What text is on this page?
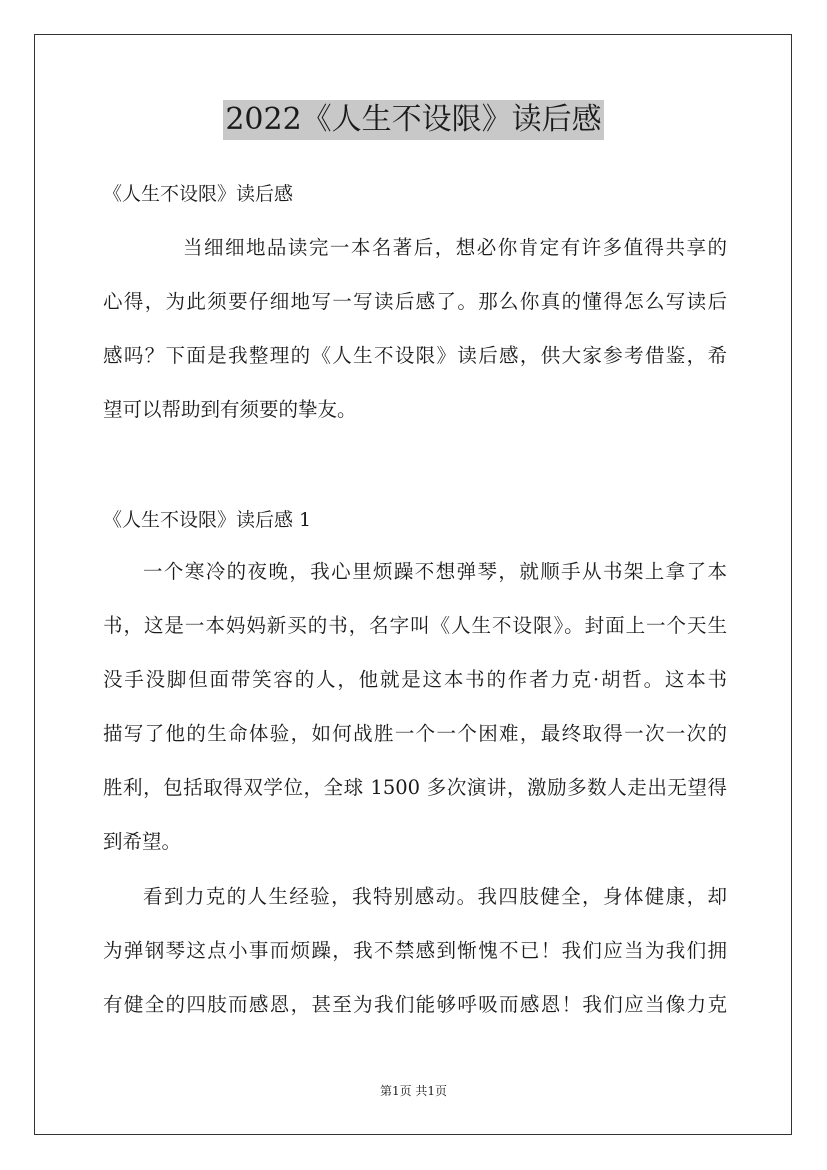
2022《人生不设限》读后感
《人生不设限》读后感
当细细地品读完一本名著后，想必你肯定有许多值得共享的
心得，为此须要仔细地写一写读后感了。那么你真的懂得怎么写读后
感吗？下面是我整理的《人生不设限》读后感，供大家参考借鉴，希
望可以帮助到有须要的挚友。
《人生不设限》读后感 1
一个寒冷的夜晚，我心里烦躁不想弹琴，就顺手从书架上拿了本
书，这是一本妈妈新买的书，名字叫《人生不设限》。封面上一个天生
没手没脚但面带笑容的人，他就是这本书的作者力克·胡哲。这本书
描写了他的生命体验，如何战胜一个一个困难，最终取得一次一次的
胜利，包括取得双学位，全球 1500 多次演讲，激励多数人走出无望得
到希望。
看到力克的人生经验，我特别感动。我四肢健全，身体健康，却
为弹钢琴这点小事而烦躁，我不禁感到惭愧不已！我们应当为我们拥
有健全的四肢而感恩，甚至为我们能够呼吸而感恩！我们应当像力克
第1页 共1页
